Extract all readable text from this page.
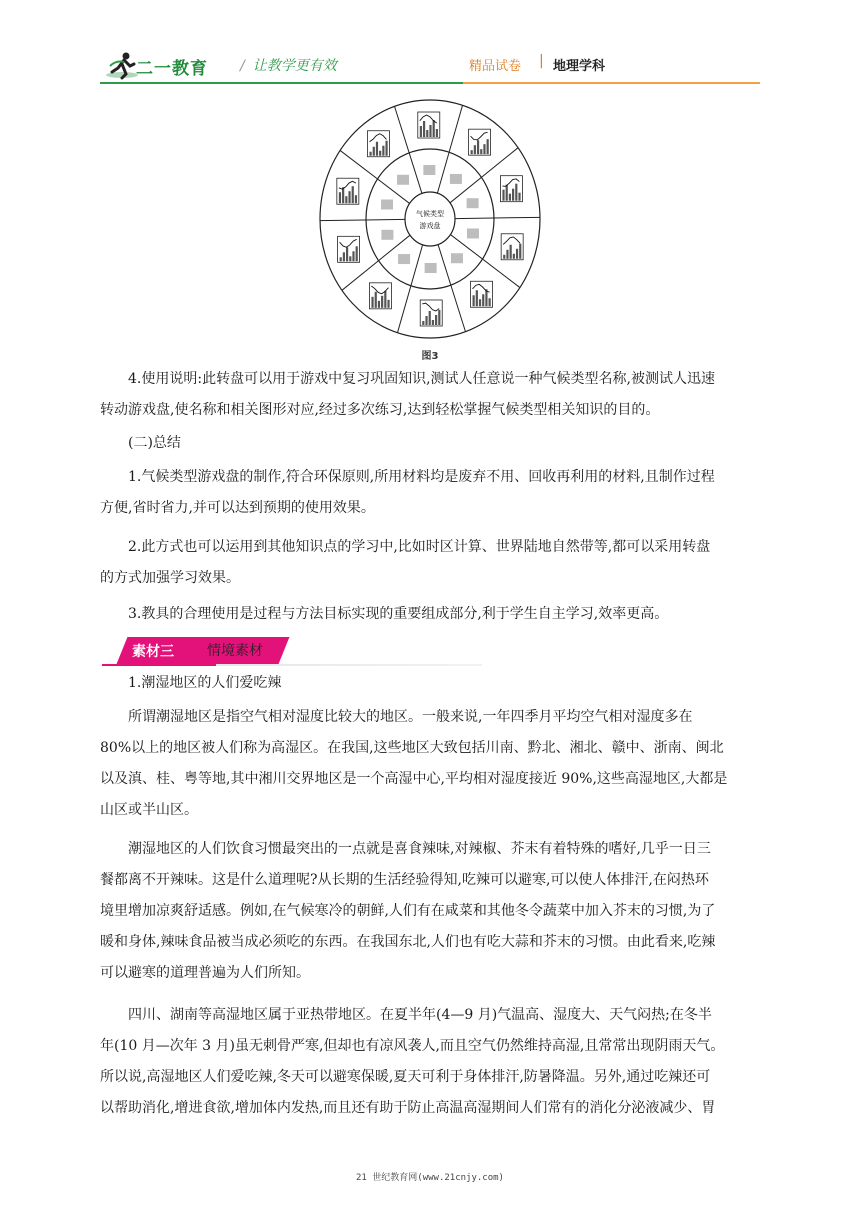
二一教育 / 让教学更有效	精品试卷 | 地理学科
气候类型
游戏盘
图3
4.使用说明:此转盘可以用于游戏中复习巩固知识,测试人任意说一种气候类型名称,被测试人迅速
转动游戏盘,使名称和相关图形对应,经过多次练习,达到轻松掌握气候类型相关知识的目的。
(二)总结
1.气候类型游戏盘的制作,符合环保原则,所用材料均是废弃不用、回收再利用的材料,且制作过程
方便,省时省力,并可以达到预期的使用效果。
2.此方式也可以运用到其他知识点的学习中,比如时区计算、世界陆地自然带等,都可以采用转盘
的方式加强学习效果。
3.教具的合理使用是过程与方法目标实现的重要组成部分,利于学生自主学习,效率更高。
素材三 情境素材
1.潮湿地区的人们爱吃辣
所谓潮湿地区是指空气相对湿度比较大的地区。一般来说,一年四季月平均空气相对湿度多在
80%以上的地区被人们称为高湿区。在我国,这些地区大致包括川南、黔北、湘北、赣中、浙南、闽北
以及滇、桂、粤等地,其中湘川交界地区是一个高湿中心,平均相对湿度接近 90%,这些高湿地区,大都是
山区或半山区。
潮湿地区的人们饮食习惯最突出的一点就是喜食辣味,对辣椒、芥末有着特殊的嗜好,几乎一日三
餐都离不开辣味。这是什么道理呢?从长期的生活经验得知,吃辣可以避寒,可以使人体排汗,在闷热环
境里增加凉爽舒适感。例如,在气候寒冷的朝鲜,人们有在咸菜和其他冬令蔬菜中加入芥末的习惯,为了
暖和身体,辣味食品被当成必须吃的东西。在我国东北,人们也有吃大蒜和芥末的习惯。由此看来,吃辣
可以避寒的道理普遍为人们所知。
四川、湖南等高湿地区属于亚热带地区。在夏半年(4—9 月)气温高、湿度大、天气闷热;在冬半
年(10 月—次年 3 月)虽无刺骨严寒,但却也有凉风袭人,而且空气仍然维持高湿,且常常出现阴雨天气。
所以说,高湿地区人们爱吃辣,冬天可以避寒保暖,夏天可利于身体排汗,防暑降温。另外,通过吃辣还可
以帮助消化,增进食欲,增加体内发热,而且还有助于防止高温高湿期间人们常有的消化分泌液减少、胃
21 世纪教育网(www.21cnjy.com)
